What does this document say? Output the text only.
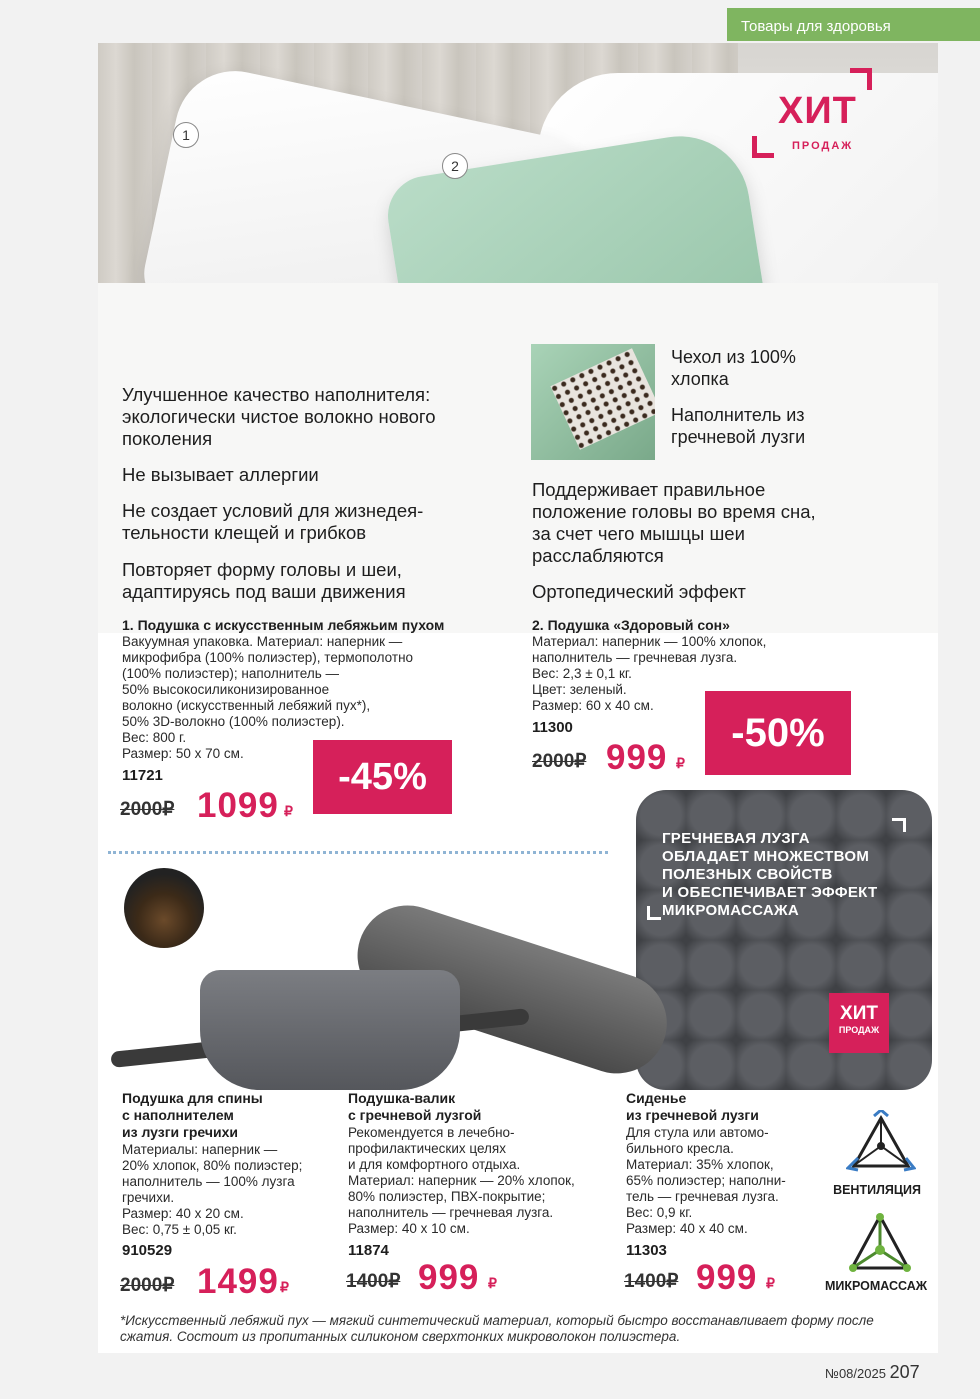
Товары для здоровья
1
2
ХИТ
ПРОДАЖ
Улучшенное качество наполнителя: экологически чистое волокно нового поколения
Не вызывает аллергии
Не создает условий для жизнедея-тельности клещей и грибков
Повторяет форму головы и шеи, адаптируясь под ваши движения
Чехол из 100% хлопка
Наполнитель из гречневой лузги
Поддерживает правильное положение головы во время сна, за счет чего мышцы шеи расслабляются
Ортопедический эффект
1. Подушка с искусственным лебяжьим пухом
Вакуумная упаковка. Материал: наперник —
микрофибра (100% полиэстер), термополотно
(100% полиэстер); наполнитель —
50% высокосиликонизированное
волокно (искусственный лебяжий пух*),
50% 3D-волокно (100% полиэстер).
Вес: 800 г.
Размер: 50 х 70 см.
11721
2000₽ 1099 ₽
-45%
2. Подушка «Здоровый сон»
Материал: наперник — 100% хлопок,
наполнитель — гречневая лузга.
Вес: 2,3 ± 0,1 кг.
Цвет: зеленый.
Размер: 60 х 40 см.
11300
2000₽ 999 ₽
-50%
ГРЕЧНЕВАЯ ЛУЗГА
ОБЛАДАЕТ МНОЖЕСТВОМ
ПОЛЕЗНЫХ СВОЙСТВ
И ОБЕСПЕЧИВАЕТ ЭФФЕКТ
МИКРОМАССАЖА
ХИТ
ПРОДАЖ
Подушка для спины
с наполнителем
из лузги гречихи
Материалы: наперник —
20% хлопок, 80% полиэстер;
наполнитель — 100% лузга
гречихи.
Размер: 40 х 20 см.
Вес: 0,75 ± 0,05 кг.
910529
2000₽ 1499 ₽
Подушка-валик
с гречневой лузгой
Рекомендуется в лечебно-
профилактических целях
и для комфортного отдыха.
Материал: наперник — 20% хлопок,
80% полиэстер, ПВХ-покрытие;
наполнитель — гречневая лузга.
Размер: 40 х 10 см.
11874
1400₽ 999 ₽
Сиденье
из гречневой лузги
Для стула или автомо-
бильного кресла.
Материал: 35% хлопок,
65% полиэстер; наполни-
тель — гречневая лузга.
Вес: 0,9 кг.
Размер: 40 х 40 см.
11303
1400₽ 999 ₽
ВЕНТИЛЯЦИЯ
МИКРОМАССАЖ
*Искусственный лебяжий пух — мягкий синтетический материал, который быстро восстанавливает форму после сжатия. Состоит из пропитанных силиконом сверхтонких микроволокон полиэстера.
№08/2025 207
